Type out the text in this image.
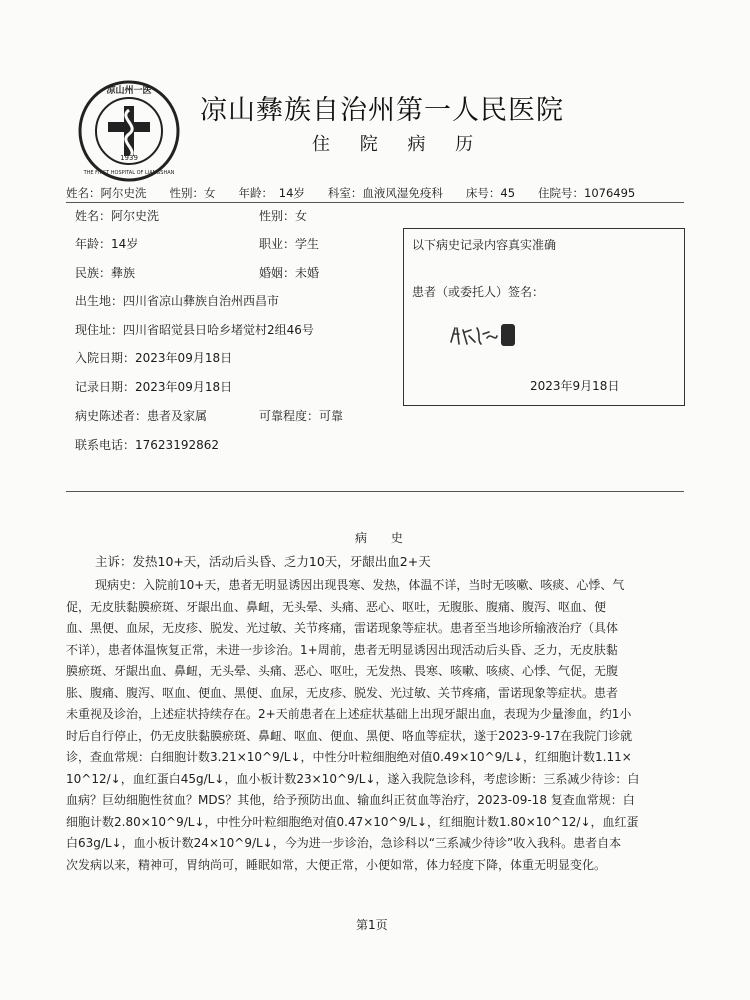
凉山州一医
THE FIRST HOSPITAL OF LIANGSHAN
1939
凉山彝族自治州第一人民医院
住 院 病 历
姓名：阿尔史洗　　性别：女　　年龄：　14岁　　科室：血液风湿免疫科　　床号：45　　住院号：1076495
姓名：阿尔史洗	性别：女
年龄：14岁	职业：学生
民族：彝族	婚姻：未婚
出生地：四川省凉山彝族自治州西昌市
现住址：四川省昭觉县日哈乡堵觉村2组46号
入院日期：2023年09月18日
记录日期：2023年09月18日
病史陈述者：患者及家属	可靠程度：可靠
联系电话：17623192862
以下病史记录内容真实准确
患者（或委托人）签名：
2023年9月18日
病 史
主诉：发热10+天，活动后头昏、乏力10天，牙龈出血2+天

现病史：入院前10+天，患者无明显诱因出现畏寒、发热，体温不详，当时无咳嗽、咳痰、心悸、气

促，无皮肤黏膜瘀斑、牙龈出血、鼻衄，无头晕、头痛、恶心、呕吐，无腹胀、腹痛、腹泻、呕血、便

血、黑便、血尿，无皮疹、脱发、光过敏、关节疼痛，雷诺现象等症状。患者至当地诊所输液治疗（具体

不详），患者体温恢复正常，未进一步诊治。1+周前，患者无明显诱因出现活动后头昏、乏力，无皮肤黏

膜瘀斑、牙龈出血、鼻衄，无头晕、头痛、恶心、呕吐，无发热、畏寒、咳嗽、咳痰、心悸、气促，无腹

胀、腹痛、腹泻、呕血、便血、黑便、血尿，无皮疹、脱发、光过敏、关节疼痛，雷诺现象等症状。患者

未重视及诊治，上述症状持续存在。2+天前患者在上述症状基础上出现牙龈出血，表现为少量渗血，约1小

时后自行停止，仍无皮肤黏膜瘀斑、鼻衄、呕血、便血、黑便、咯血等症状，遂于2023-9-17在我院门诊就

诊，查血常规：白细胞计数3.21×10^9/L↓，中性分叶粒细胞绝对值0.49×10^9/L↓，红细胞计数1.11×

10^12/↓，血红蛋白45g/L↓，血小板计数23×10^9/L↓，遂入我院急诊科，考虑诊断：三系减少待诊：白

血病？巨幼细胞性贫血？MDS？其他，给予预防出血、输血纠正贫血等治疗，2023-09-18 复查血常规：白

细胞计数2.80×10^9/L↓，中性分叶粒细胞绝对值0.47×10^9/L↓，红细胞计数1.80×10^12/↓，血红蛋

白63g/L↓，血小板计数24×10^9/L↓，今为进一步诊治，急诊科以“三系减少待诊”收入我科。患者自本

次发病以来，精神可，胃纳尚可，睡眠如常，大便正常，小便如常，体力轻度下降，体重无明显变化。

第1页
